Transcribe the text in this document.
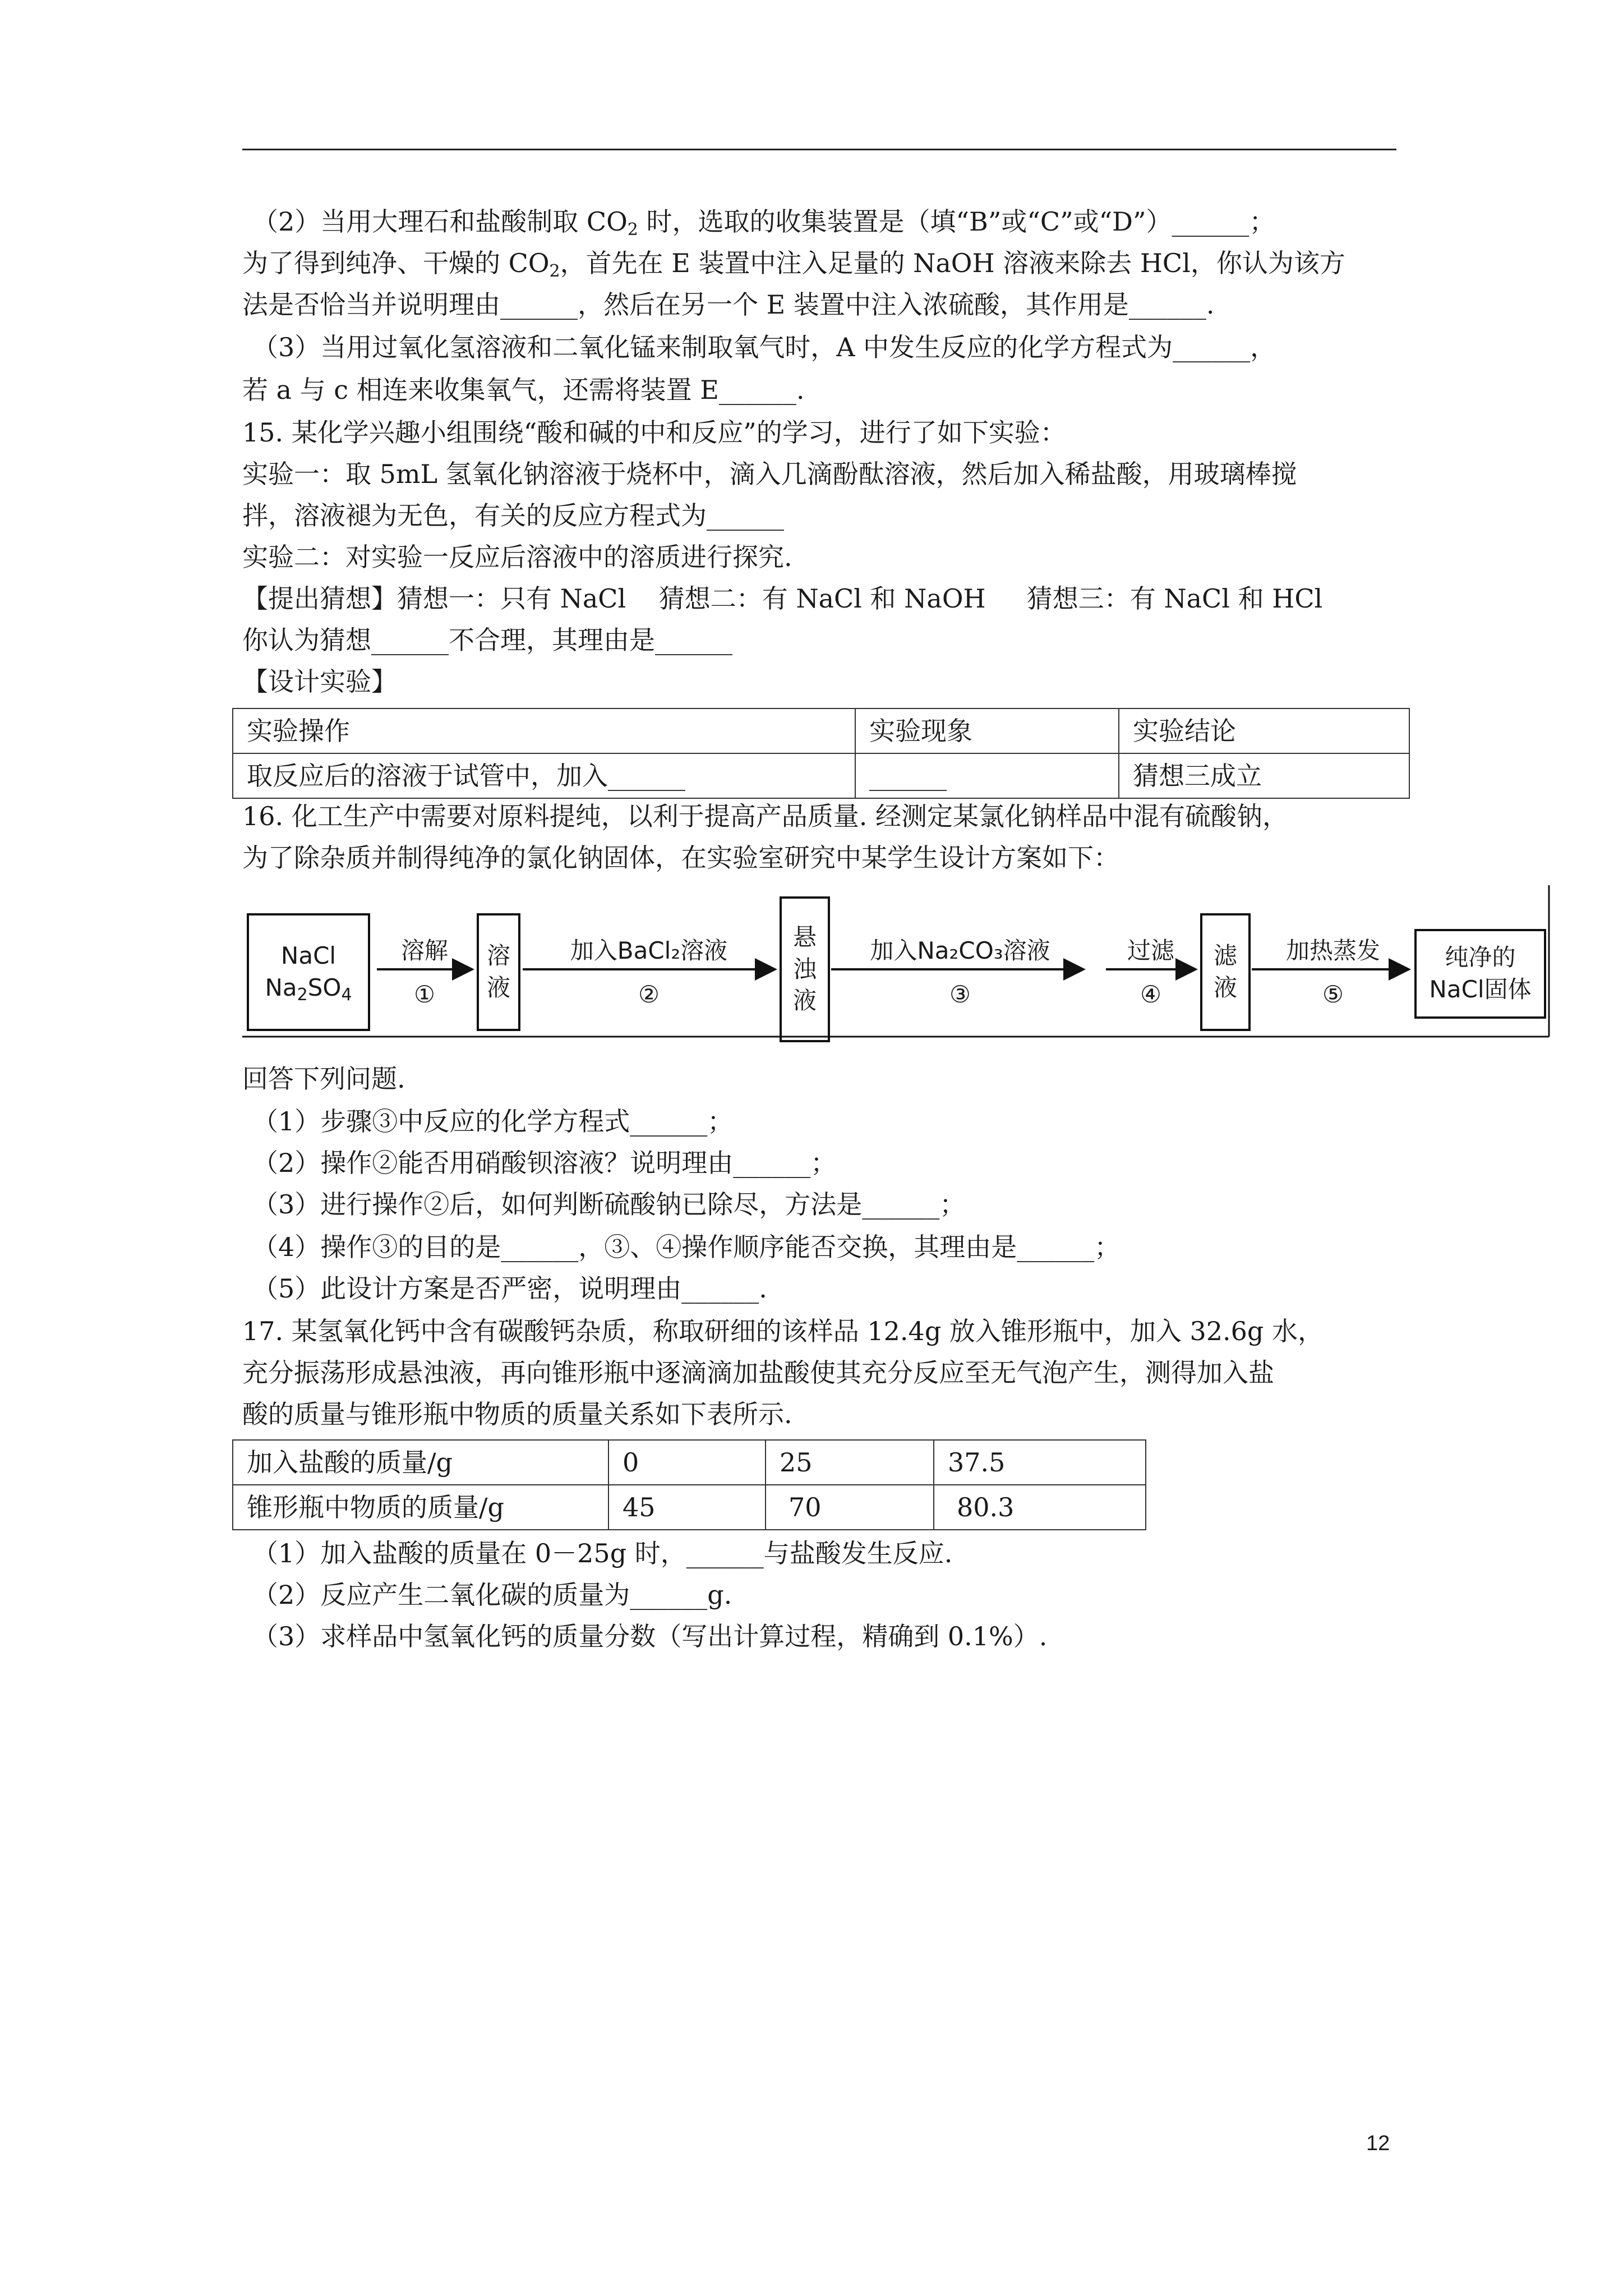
（2）当用大理石和盐酸制取 $CO_2$ 时，选取的收集装置是（填“B”或“C”或“D”）______；
为了得到纯净、干燥的 $CO_2$，首先在 E 装置中注入足量的 NaOH 溶液来除去 HCl，你认为该方
法是否恰当并说明理由______，然后在另一个 E 装置中注入浓硫酸，其作用是______.
（3）当用过氧化氢溶液和二氧化锰来制取氧气时，A 中发生反应的化学方程式为______，
若 a 与 c 相连来收集氧气，还需将装置 E______.
15. 某化学兴趣小组围绕“酸和碱的中和反应”的学习，进行了如下实验：
实验一：取 5mL 氢氧化钠溶液于烧杯中，滴入几滴酚酞溶液，然后加入稀盐酸，用玻璃棒搅
拌，溶液褪为无色，有关的反应方程式为______
实验二：对实验一反应后溶液中的溶质进行探究.
【提出猜想】猜想一：只有 NaCl    猜想二：有 NaCl 和 NaOH     猜想三：有 NaCl 和 HCl
你认为猜想______不合理，其理由是______
【设计实验】
实验操作	实验现象	实验结论
取反应后的溶液于试管中，加入______	______	猜想三成立
16. 化工生产中需要对原料提纯，以利于提高产品质量. 经测定某氯化钠样品中混有硫酸钠，
为了除杂质并制得纯净的氯化钠固体，在实验室研究中某学生设计方案如下：
NaCl
$Na_2SO_4$
溶解
①
溶液
加入BaCl₂溶液
②
悬浊液
加入Na₂CO₃溶液
③
过滤
④
滤液
加热蒸发
⑤
纯净的
NaCl固体
回答下列问题.
（1）步骤③中反应的化学方程式______；
（2）操作②能否用硝酸钡溶液？说明理由______；
（3）进行操作②后，如何判断硫酸钠已除尽，方法是______；
（4）操作③的目的是______，③、④操作顺序能否交换，其理由是______；
（5）此设计方案是否严密，说明理由______.
17. 某氢氧化钙中含有碳酸钙杂质，称取研细的该样品 12.4g 放入锥形瓶中，加入 32.6g 水，
充分振荡形成悬浊液，再向锥形瓶中逐滴滴加盐酸使其充分反应至无气泡产生，测得加入盐
酸的质量与锥形瓶中物质的质量关系如下表所示.
加入盐酸的质量/g	0	25	37.5
锥形瓶中物质的质量/g	45	70	80.3
（1）加入盐酸的质量在 0－25g 时，______与盐酸发生反应.
（2）反应产生二氧化碳的质量为______g.
（3）求样品中氢氧化钙的质量分数（写出计算过程，精确到 0.1%）.
12
